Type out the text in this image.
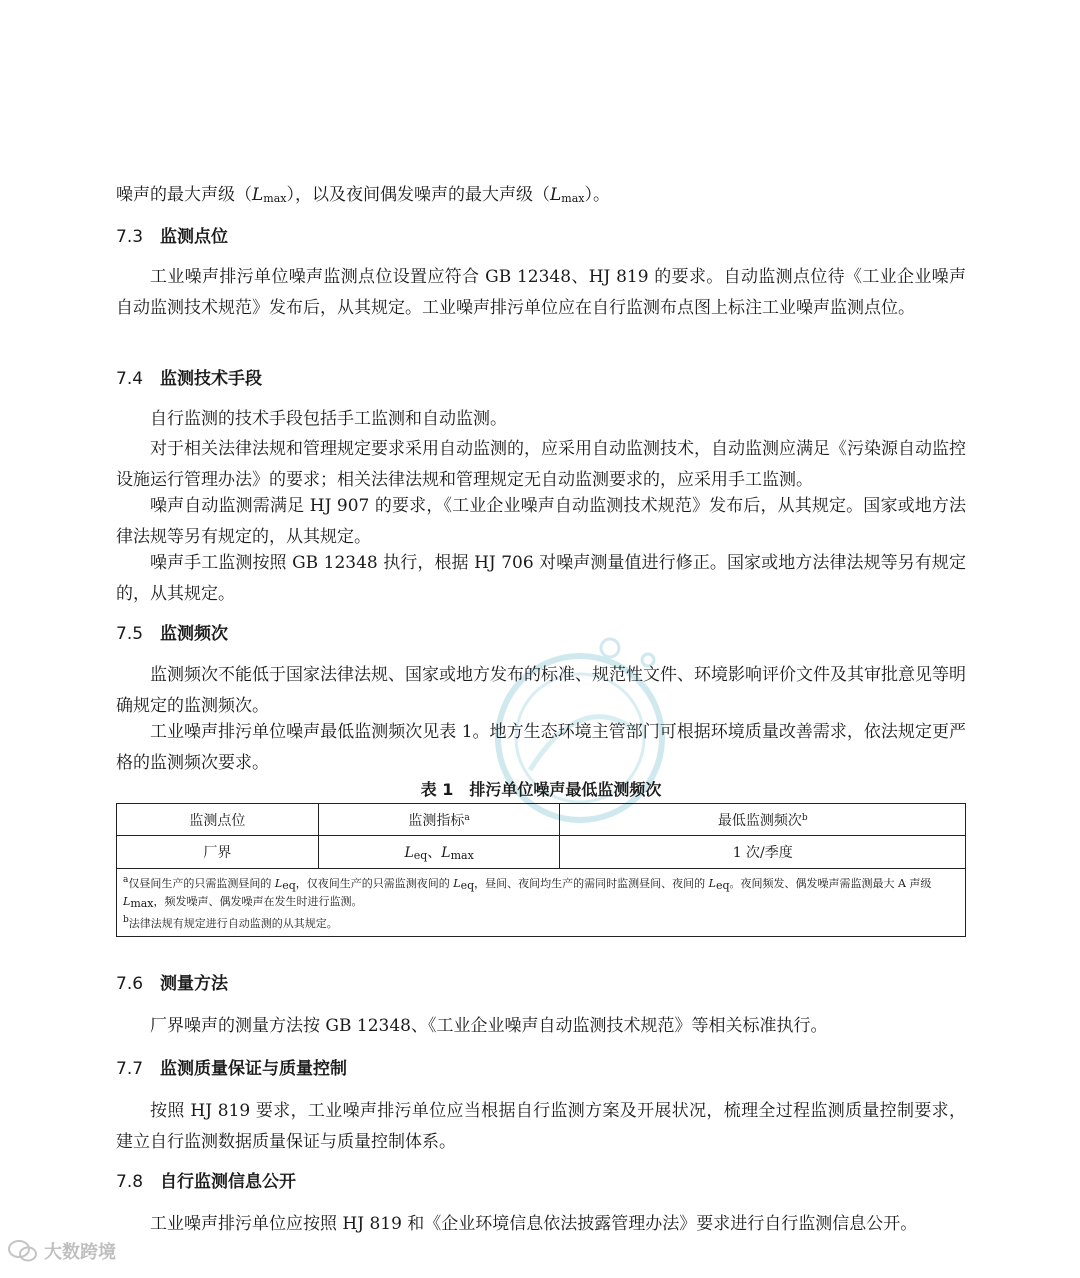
噪声的最大声级$(L_{max})$，以及夜间偶发噪声的最大声级$(L_{max})$。

7.3 监测点位

工业噪声排污单位噪声监测点位设置应符合 GB 12348、HJ 819 的要求。自动监测点位待《工业企业噪声自动监测技术规范》发布后，从其规定。工业噪声排污单位应在自行监测布点图上标注工业噪声监测点位。

7.4 监测技术手段

自行监测的技术手段包括手工监测和自动监测。

对于相关法律法规和管理规定要求采用自动监测的，应采用自动监测技术，自动监测应满足《污染源自动监控设施运行管理办法》的要求；相关法律法规和管理规定无自动监测要求的，应采用手工监测。

噪声自动监测需满足 HJ 907 的要求，《工业企业噪声自动监测技术规范》发布后，从其规定。国家或地方法律法规等另有规定的，从其规定。

噪声手工监测按照 GB 12348 执行，根据 HJ 706 对噪声测量值进行修正。国家或地方法律法规等另有规定的，从其规定。

7.5 监测频次

监测频次不能低于国家法律法规、国家或地方发布的标准、规范性文件、环境影响评价文件及其审批意见等明确规定的监测频次。

工业噪声排污单位噪声最低监测频次见表 1。地方生态环境主管部门可根据环境质量改善需求，依法规定更严格的监测频次要求。

表 1　排污单位噪声最低监测频次
监测点位	监测指标$^a$	最低监测频次$^b$
厂界	$L_{eq}$、$L_{max}$	1 次/季度

$^a$仅昼间生产的只需监测昼间的 $L_{eq}$，仅夜间生产的只需监测夜间的 $L_{eq}$，昼间、夜间均生产的需同时监测昼间、夜间的 $L_{eq}$。夜间频发、偶发噪声需监测最大 A 声级 $L_{max}$，频发噪声、偶发噪声在发生时进行监测。
$^b$法律法规有规定进行自动监测的从其规定。		
7.6 测量方法

厂界噪声的测量方法按 GB 12348、《工业企业噪声自动监测技术规范》等相关标准执行。

7.7 监测质量保证与质量控制

按照 HJ 819 要求，工业噪声排污单位应当根据自行监测方案及开展状况，梳理全过程监测质量控制要求，建立自行监测数据质量保证与质量控制体系。

7.8 自行监测信息公开

工业噪声排污单位应按照 HJ 819 和《企业环境信息依法披露管理办法》要求进行自行监测信息公开。

大数跨境
